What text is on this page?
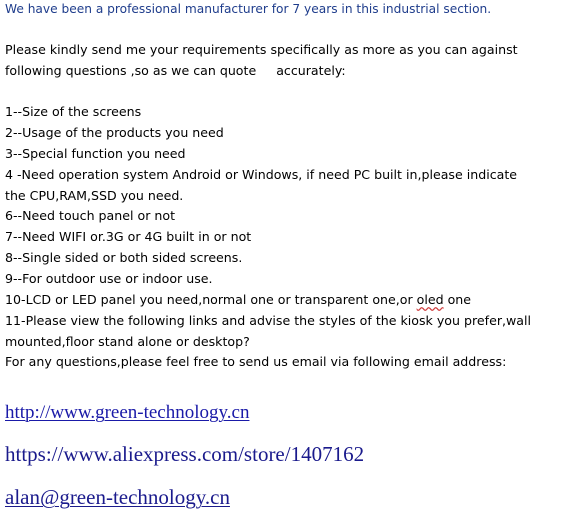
We have been a professional manufacturer for 7 years in this industrial section.
Please kindly send me your requirements specifically as more as you can against
following questions ,so as we can quote     accurately:
1--Size of the screens
2--Usage of the products you need
3--Special function you need
4 -Need operation system Android or Windows, if need PC built in,please indicate
the CPU,RAM,SSD you need.
6--Need touch panel or not
7--Need WIFI or.3G or 4G built in or not
8--Single sided or both sided screens.
9--For outdoor use or indoor use.
10-LCD or LED panel you need,normal one or transparent one,or oled one
11-Please view the following links and advise the styles of the kiosk you prefer,wall
mounted,floor stand alone or desktop?
For any questions,please feel free to send us email via following email address:
http://www.green-technology.cn
https://www.aliexpress.com/store/1407162
alan@green-technology.cn
